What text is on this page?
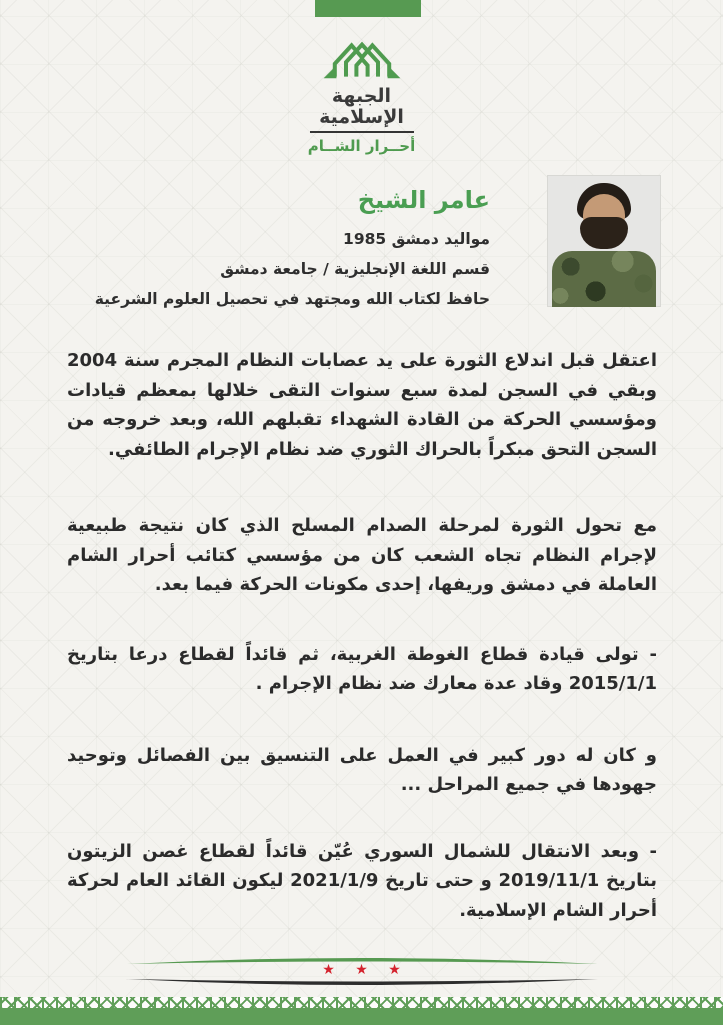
الجبهة الإسلامية
أحــرار الشــام

عامر الشيخ

مواليد دمشق 1985

قسم اللغة الإنجليزية / جامعة دمشق

حافظ لكتاب الله ومجتهد في تحصيل العلوم الشرعية

اعتقل قبل اندلاع الثورة على يد عصابات النظام المجرم سنة 2004 وبقي في السجن لمدة سبع سنوات التقى خلالها بمعظم قيادات ومؤسسي الحركة من القادة الشهداء تقبلهم الله، وبعد خروجه من السجن التحق مبكراً بالحراك الثوري ضد نظام الإجرام الطائفي.

مع تحول الثورة لمرحلة الصدام المسلح الذي كان نتيجة طبيعية لإجرام النظام تجاه الشعب كان من مؤسسي كتائب أحرار الشام العاملة في دمشق وريفها، إحدى مكونات الحركة فيما بعد.

- تولى قيادة قطاع الغوطة الغربية، ثم قائداً لقطاع درعا بتاريخ 2015/1/1 وقاد عدة معارك ضد نظام الإجرام .

و كان له دور كبير في العمل على التنسيق بين الفصائل وتوحيد جهودها في جميع المراحل ...

- وبعد الانتقال للشمال السوري عُيّن قائداً لقطاع غصن الزيتون بتاريخ 2019/11/1 و حتى تاريخ 2021/1/9 ليكون القائد العام لحركة أحرار الشام الإسلامية.

★ ★ ★
